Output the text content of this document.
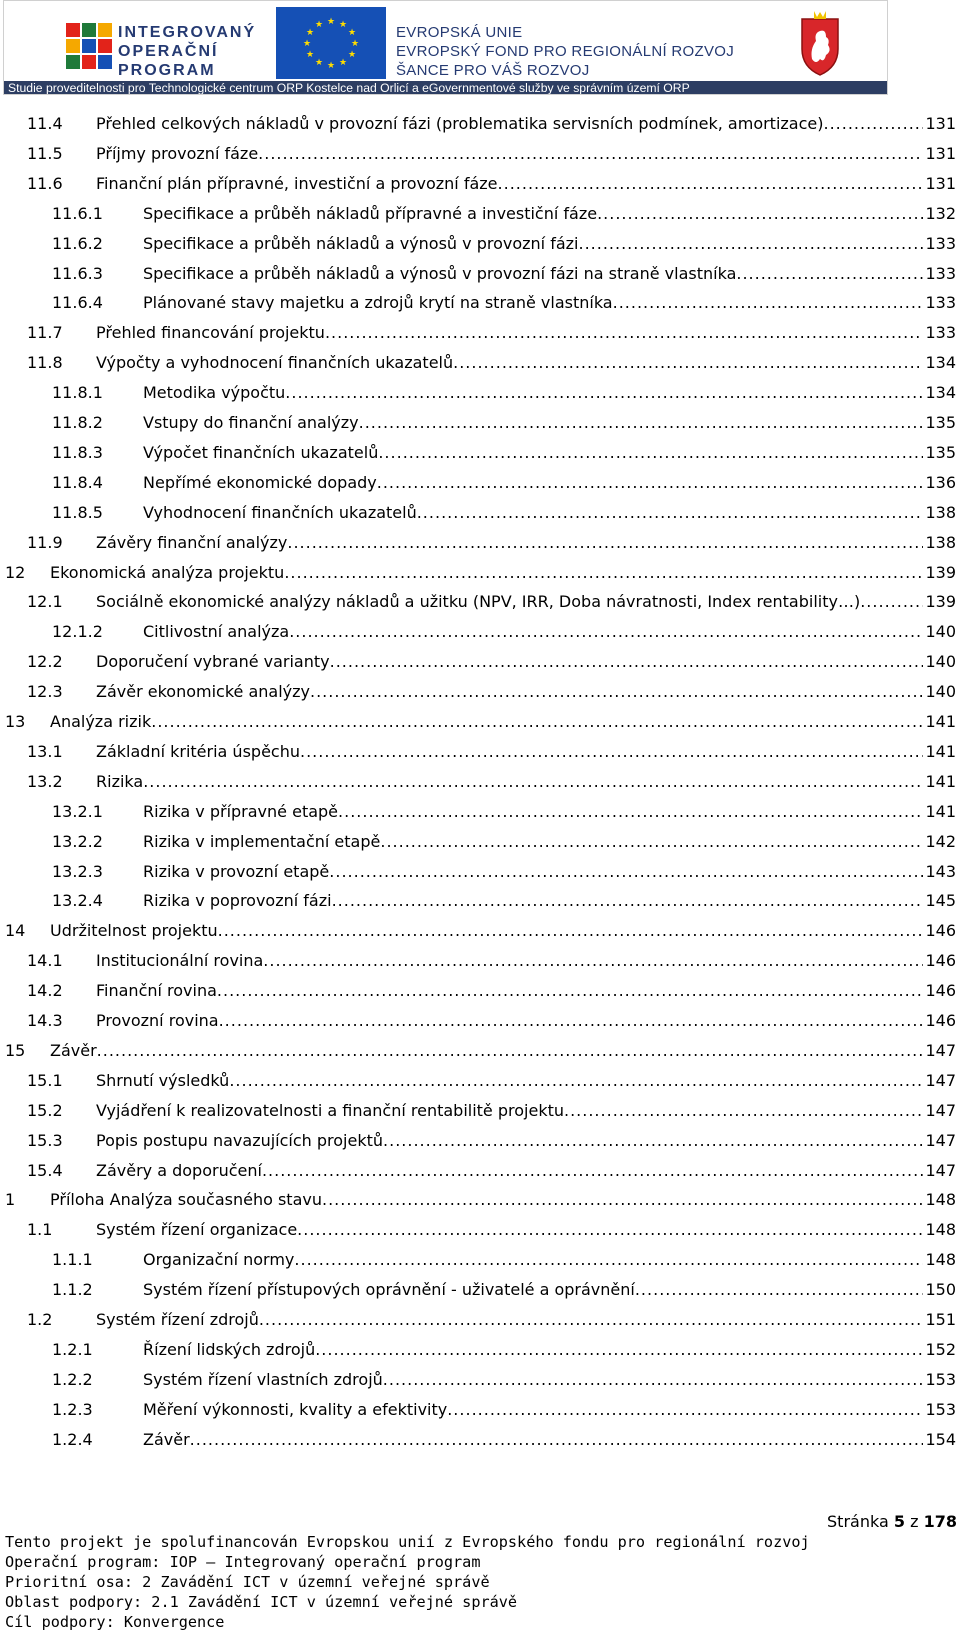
INTEGROVANÝ
OPERAČNÍ
PROGRAM
★ ★
★
★
★
★
★
★
★
★
★
★	EVROPSKÁ UNIE
EVROPSKÝ FOND PRO REGIONÁLNÍ ROZVOJ
ŠANCE PRO VÁŠ ROZVOJ
Studie proveditelnosti pro Technologické centrum ORP Kostelce nad Orlicí a eGovernmentové služby ve správním území ORP
11.4 Přehled celkových nákladů v provozní fázi (problematika servisních podmínek, amortizace) .....	131
11.5 Příjmy provozní fáze .....	131
11.6 Finanční plán přípravné, investiční a provozní fáze .....	131
11.6.1	Specifikace a průběh nákladů přípravné a investiční fáze .....	132
11.6.2	Specifikace a průběh nákladů a výnosů v provozní fázi .....	133
11.6.3	Specifikace a průběh nákladů a výnosů v provozní fázi na straně vlastníka .....	133
11.6.4	Plánované stavy majetku a zdrojů krytí na straně vlastníka .....	133
11.7 Přehled financování projektu .....	133
11.8 Výpočty a vyhodnocení finančních ukazatelů .....	134
11.8.1	Metodika výpočtu .....	134
11.8.2	Vstupy do finanční analýzy .....	135
11.8.3	Výpočet finančních ukazatelů .....	135
11.8.4	Nepřímé ekonomické dopady .....	136
11.8.5	Vyhodnocení finančních ukazatelů .....	138
11.9 Závěry finanční analýzy .....	138
12 Ekonomická analýza projektu .....	139
12.1 Sociálně ekonomické analýzy nákladů a užitku (NPV, IRR, Doba návratnosti, Index rentability…) .....	139
12.1.2	Citlivostní analýza .....	140
12.2 Doporučení vybrané varianty .....	140
12.3 Závěr ekonomické analýzy .....	140
13 Analýza rizik .....	141
13.1 Základní kritéria úspěchu .....	141
13.2 Rizika .....	141
13.2.1	Rizika v přípravné etapě .....	141
13.2.2	Rizika v implementační etapě .....	142
13.2.3	Rizika v provozní etapě .....	143
13.2.4	Rizika v poprovozní fázi .....	145
14 Udržitelnost projektu .....	146
14.1 Institucionální rovina .....	146
14.2 Finanční rovina .....	146
14.3 Provozní rovina .....	146
15 Závěr .....	147
15.1 Shrnutí výsledků .....	147
15.2 Vyjádření k realizovatelnosti a finanční rentabilitě projektu .....	147
15.3 Popis postupu navazujících projektů .....	147
15.4 Závěry a doporučení .....	147
1 Příloha Analýza současného stavu .....	148
1.1	Systém řízení organizace .....	148
1.1.1	Organizační normy .....	148
1.1.2	Systém řízení přístupových oprávnění - uživatelé a oprávnění .....	150
1.2	Systém řízení zdrojů .....	151
1.2.1	Řízení lidských zdrojů .....	152
1.2.2	Systém řízení vlastních zdrojů .....	153
1.2.3	Měření výkonnosti, kvality a efektivity .....	153
1.2.4	Závěr .....	154
Stránka 5 z 178
Tento projekt je spolufinancován Evropskou unií z Evropského fondu pro regionální rozvoj
Operační program: IOP – Integrovaný operační program
Prioritní osa: 2 Zavádění ICT v územní veřejné správě
Oblast podpory: 2.1 Zavádění ICT v územní veřejné správě
Cíl podpory: Konvergence
